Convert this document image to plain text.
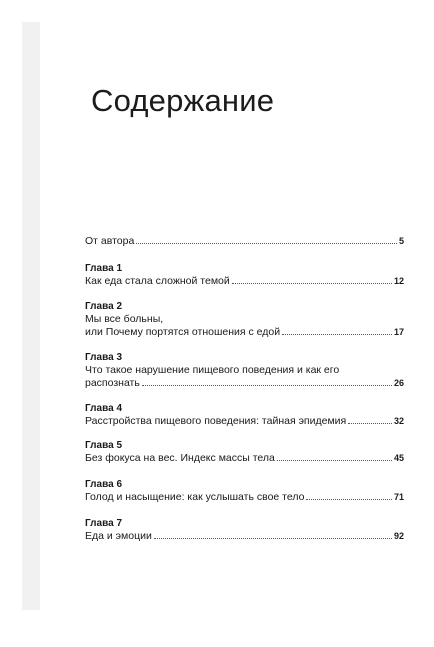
Содержание
От автора	5
Глава 1
Как еда стала сложной темой	12
Глава 2
Мы все больны,
или Почему портятся отношения с едой	17
Глава 3
Что такое нарушение пищевого поведения и как его
распознать	26
Глава 4
Расстройства пищевого поведения: тайная эпидемия	32
Глава 5
Без фокуса на вес. Индекс массы тела	45
Глава 6
Голод и насыщение: как услышать свое тело	71
Глава 7
Еда и эмоции	92
